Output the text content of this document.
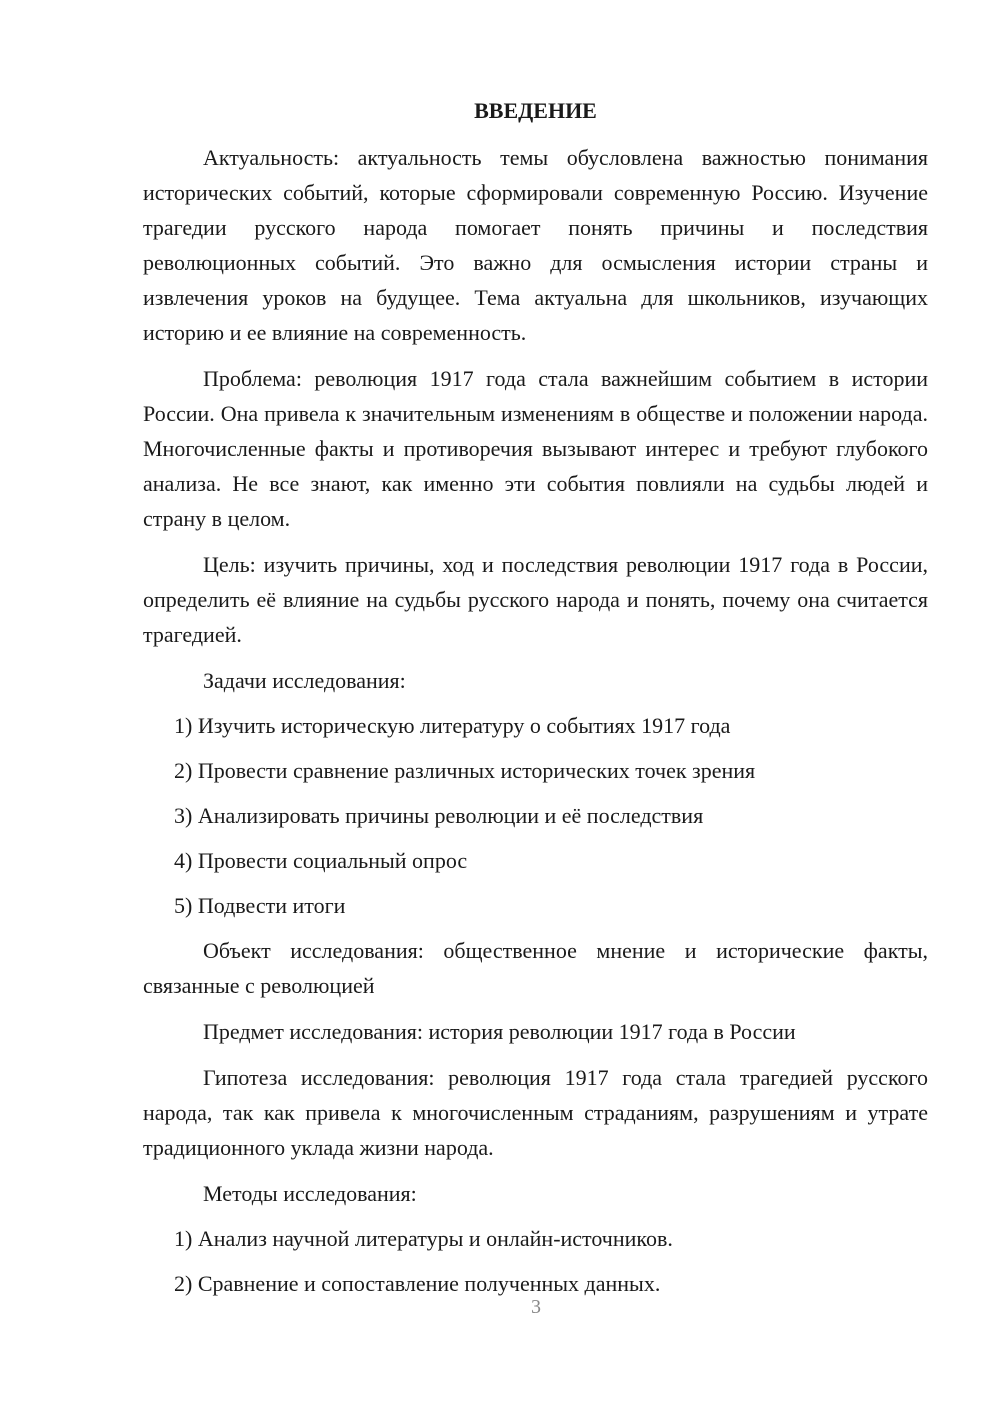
ВВЕДЕНИЕ

Актуальность: актуальность темы обусловлена важностью понимания исторических событий, которые сформировали современную Россию. Изучение трагедии русского народа помогает понять причины и последствия революционных событий. Это важно для осмысления истории страны и извлечения уроков на будущее. Тема актуальна для школьников, изучающих историю и ее влияние на современность.

Проблема: революция 1917 года стала важнейшим событием в истории России. Она привела к значительным изменениям в обществе и положении народа. Многочисленные факты и противоречия вызывают интерес и требуют глубокого анализа. Не все знают, как именно эти события повлияли на судьбы людей и страну в целом.

Цель: изучить причины, ход и последствия революции 1917 года в России, определить её влияние на судьбы русского народа и понять, почему она считается трагедией.

Задачи исследования:

1) Изучить историческую литературу о событиях 1917 года

2) Провести сравнение различных исторических точек зрения

3) Анализировать причины революции и её последствия

4) Провести социальный опрос

5) Подвести итоги

Объект исследования: общественное мнение и исторические факты, связанные с революцией

Предмет исследования: история революции 1917 года в России

Гипотеза исследования: революция 1917 года стала трагедией русского народа, так как привела к многочисленным страданиям, разрушениям и утрате традиционного уклада жизни народа.

Методы исследования:

1) Анализ научной литературы и онлайн-источников.

2) Сравнение и сопоставление полученных данных.

3
